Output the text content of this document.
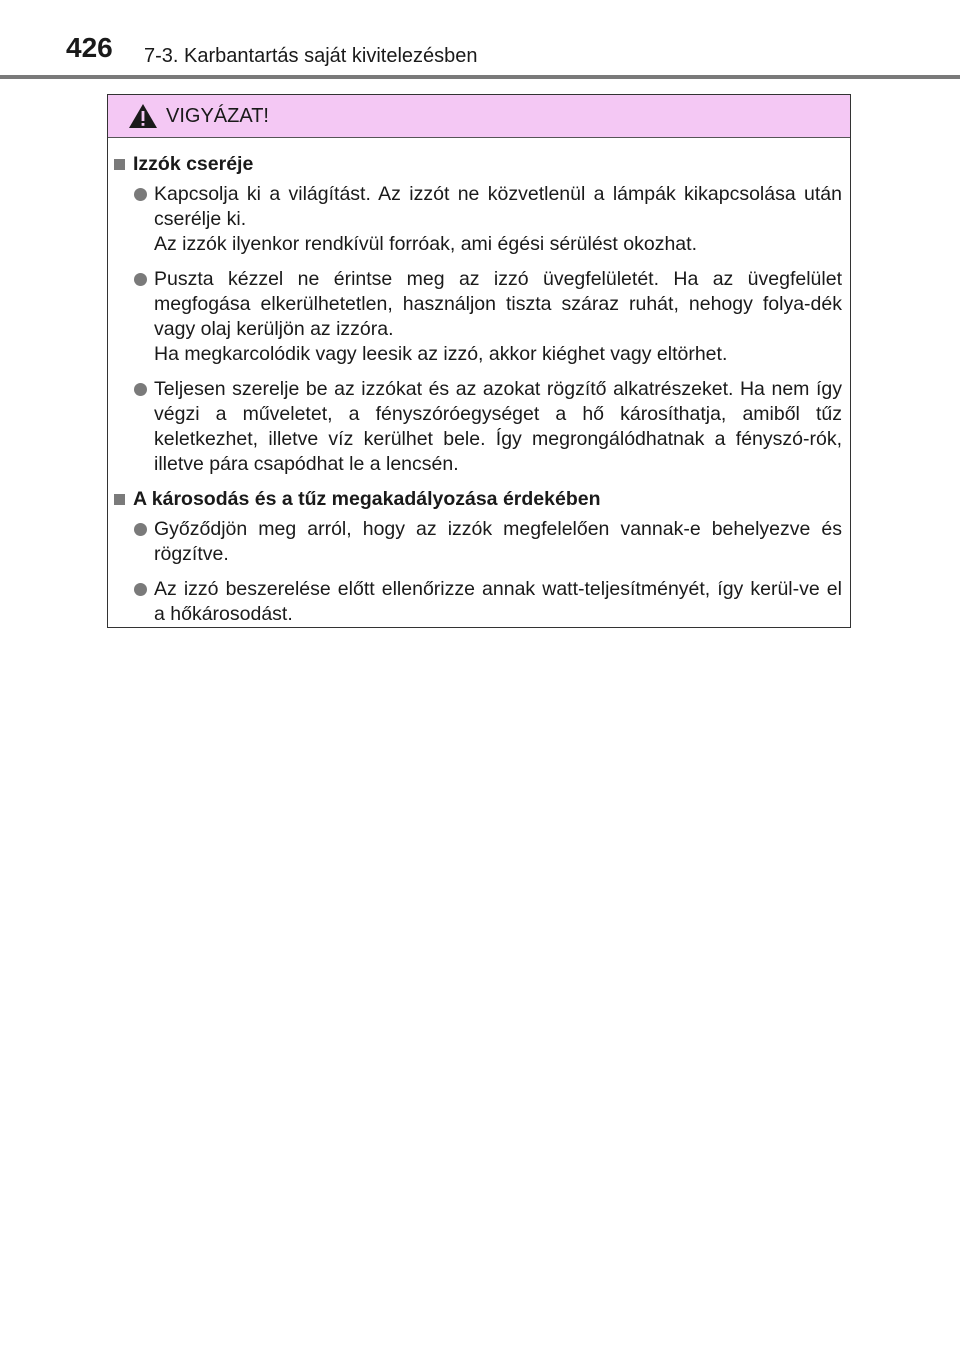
426 7-3. Karbantartás saját kivitelezésben
VIGYÁZAT!
Izzók cseréje
Kapcsolja ki a világítást. Az izzót ne közvetlenül a lámpák kikapcsolása után cserélje ki.
Az izzók ilyenkor rendkívül forróak, ami égési sérülést okozhat.
Puszta kézzel ne érintse meg az izzó üvegfelületét. Ha az üvegfelület megfogása elkerülhetetlen, használjon tiszta száraz ruhát, nehogy folya-dék vagy olaj kerüljön az izzóra.
Ha megkarcolódik vagy leesik az izzó, akkor kiéghet vagy eltörhet.
Teljesen szerelje be az izzókat és az azokat rögzítő alkatrészeket. Ha nem így végzi a műveletet, a fényszóróegységet a hő károsíthatja, amiből tűz keletkezhet, illetve víz kerülhet bele. Így megrongálódhatnak a fényszó-rók, illetve pára csapódhat le a lencsén.
A károsodás és a tűz megakadályozása érdekében
Győződjön meg arról, hogy az izzók megfelelően vannak-e behelyezve és rögzítve.
Az izzó beszerelése előtt ellenőrizze annak watt-teljesítményét, így kerül-ve el a hőkárosodást.
